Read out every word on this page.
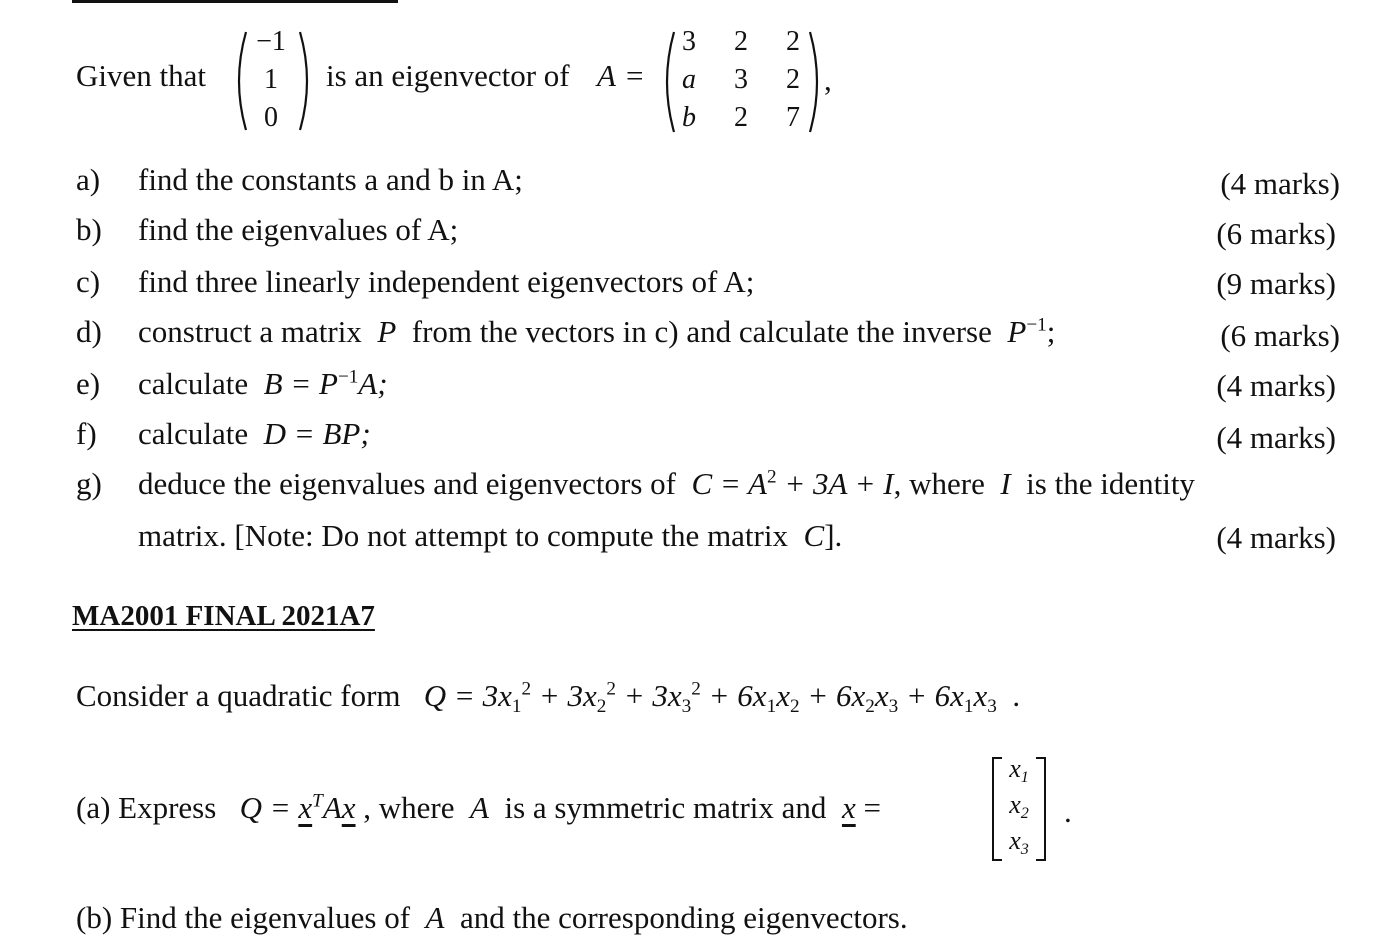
Given that
−1
1
0
is an eigenvector of A =
3 2 2
a 3 2
b 2 7
,
a) find the constants a and b in A;	(4 marks)
b) find the eigenvalues of A;	(6 marks)
c) find three linearly independent eigenvectors of A;	(9 marks)
d) construct a matrix P from the vectors in c) and calculate the inverse $P^{-1}$;	(6 marks)
e) calculate $B = P^{-1}A$;	(4 marks)
f) calculate D = BP;	(4 marks)
g) deduce the eigenvalues and eigenvectors of $C = A^2 + 3A + I$, where I is the identity
matrix. [Note: Do not attempt to compute the matrix C].	(4 marks)
MA2001 FINAL 2021A7
Consider a quadratic form $Q = 3x_1^2 + 3x_2^2 + 3x_3^2 + 6x_1x_2 + 6x_2x_3 + 6x_1x_3$ .
(a) Express $Q = x^TAx$ , where A is a symmetric matrix and x =
$x_1$
$x_2$
$x_3$
.
(b) Find the eigenvalues of A and the corresponding eigenvectors.
